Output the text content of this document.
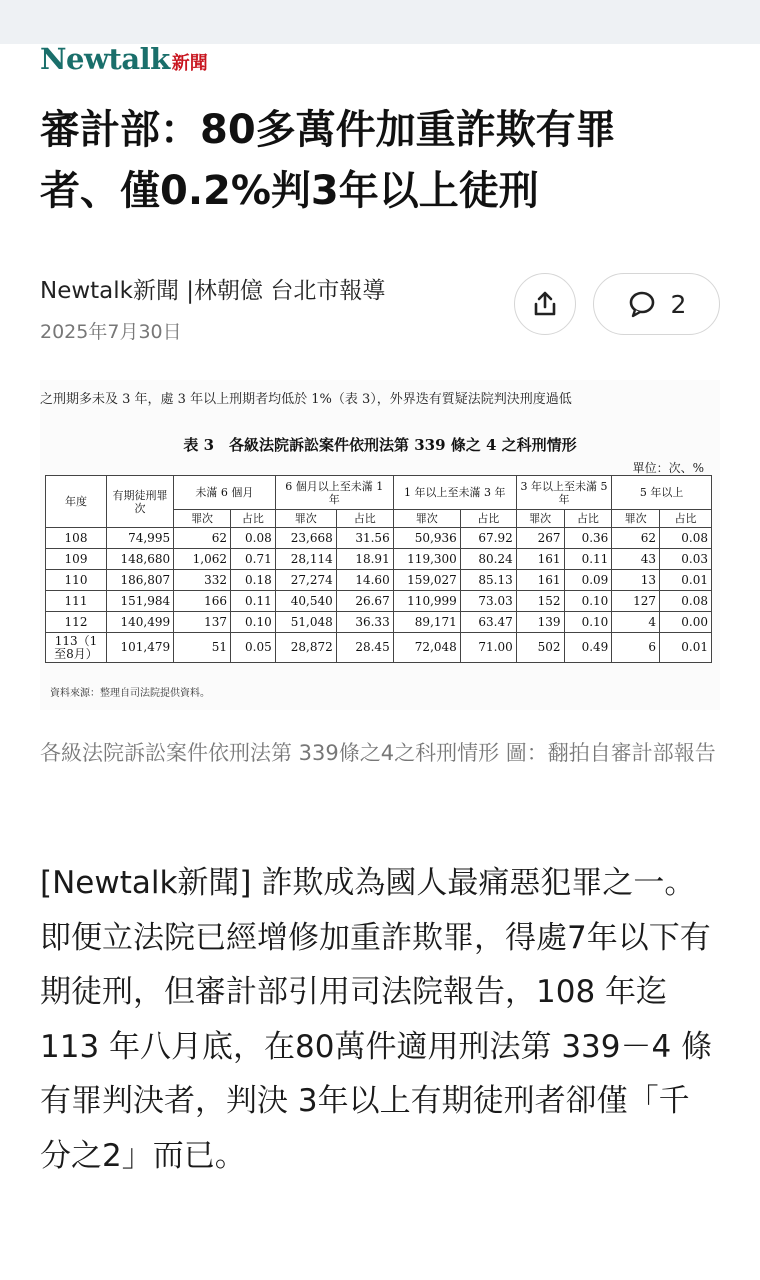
Newtalk 新聞
審計部：80多萬件加重詐欺有罪
者、僅0.2%判3年以上徒刑
Newtalk新聞 |林朝億 台北市報導
2025年7月30日
2
之刑期多未及 3 年，處 3 年以上刑期者均低於 1%（表 3），外界迭有質疑法院判決刑度過低
表 3　各級法院訴訟案件依刑法第 339 條之 4 之科刑情形
單位：次、%
年度	有期徒刑罪次	未滿 6 個月		6 個月以上至未滿 1 年		1 年以上至未滿 3 年		3 年以上至未滿 5 年		5 年以上	
		罪次	占比	罪次	占比	罪次	占比	罪次	占比	罪次	占比
108	74,995	62	0.08	23,668	31.56	50,936	67.92	267	0.36	62	0.08
109	148,680	1,062	0.71	28,114	18.91	119,300	80.24	161	0.11	43	0.03
110	186,807	332	0.18	27,274	14.60	159,027	85.13	161	0.09	13	0.01
111	151,984	166	0.11	40,540	26.67	110,999	73.03	152	0.10	127	0.08
112	140,499	137	0.10	51,048	36.33	89,171	63.47	139	0.10	4	0.00
113（1至8月）	101,479	51	0.05	28,872	28.45	72,048	71.00	502	0.49	6	0.01
資料來源：整理自司法院提供資料。
各級法院訴訟案件依刑法第 339條之4之科刑情形 圖：翻拍自審計部報告
[Newtalk新聞] 詐欺成為國人最痛惡犯罪之一。即便立法院已經增修加重詐欺罪，得處7年以下有期徒刑，但審計部引用司法院報告，108 年迄 113 年八月底，在80萬件適用刑法第 339－4 條有罪判決者，判決 3年以上有期徒刑者卻僅「千分之2」而已。
